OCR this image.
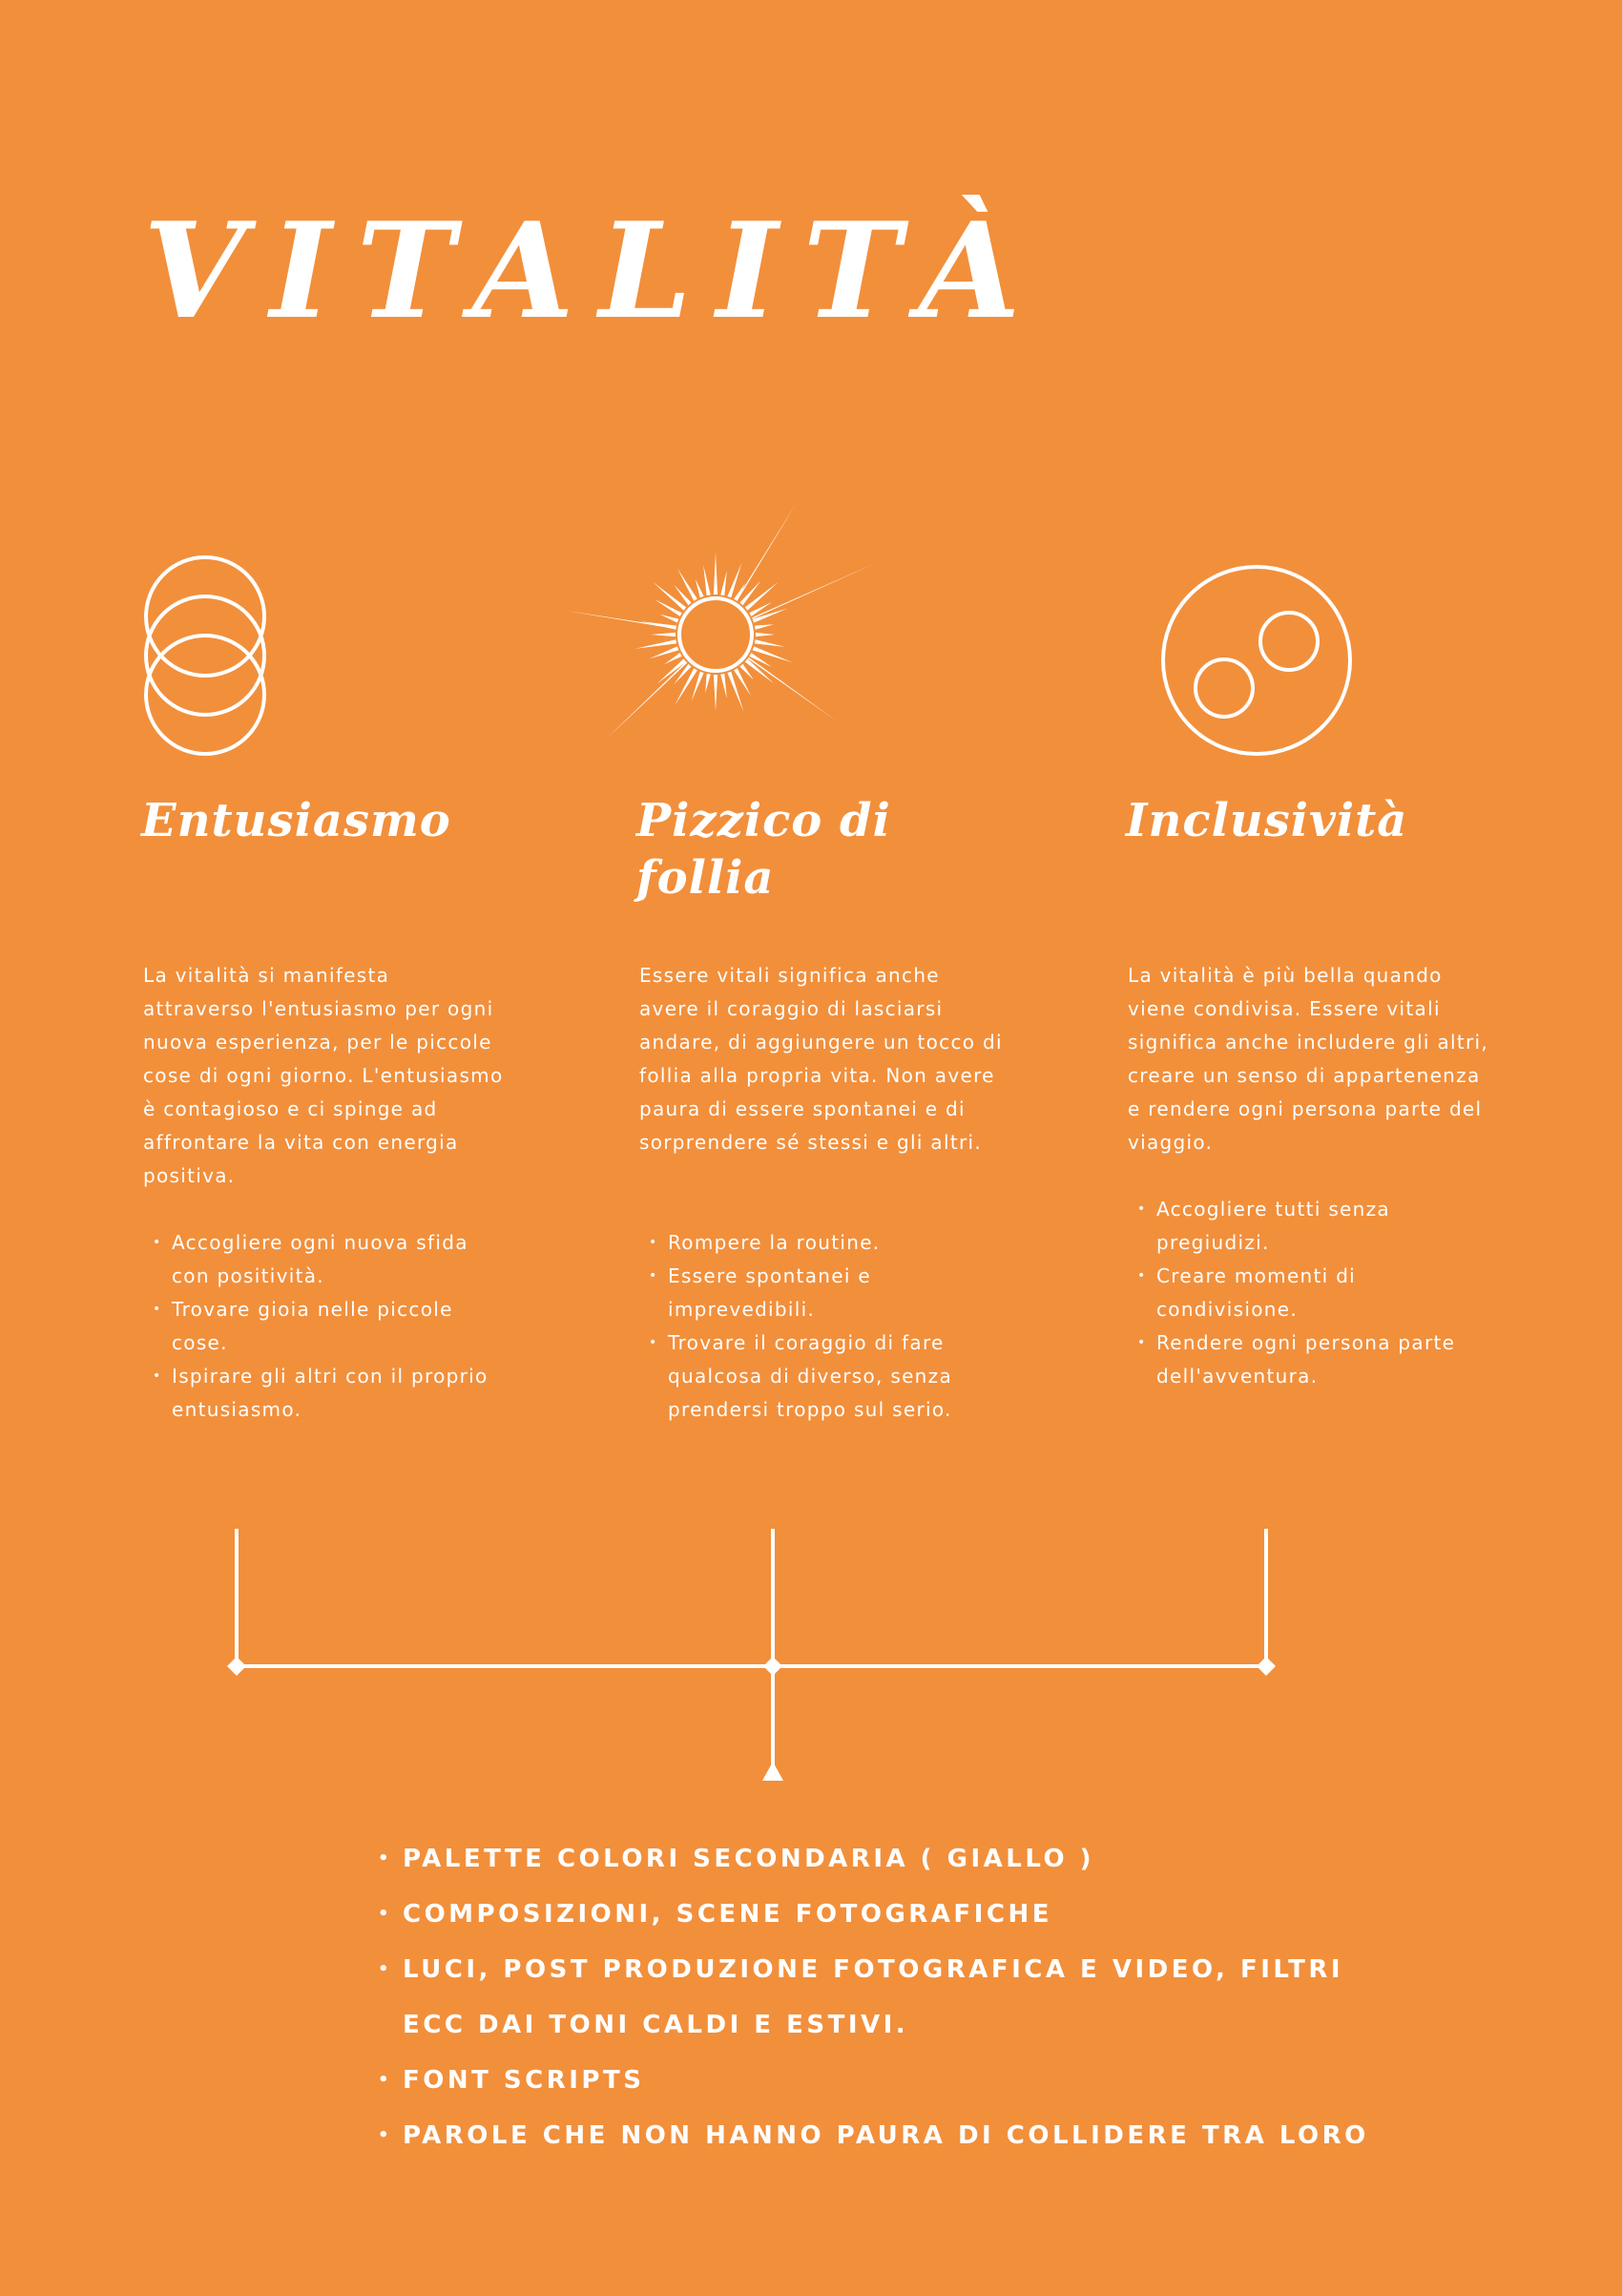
VITALITÀ
Entusiasmo

La vitalità si manifesta attraverso l'entusiasmo per ogni nuova esperienza, per le piccole cose di ogni giorno. L'entusiasmo è contagioso e ci spinge ad affrontare la vita con energia positiva.

• Accogliere ogni nuova sfida con positività.
• Trovare gioia nelle piccole cose.
• Ispirare gli altri con il proprio entusiasmo.
Pizzico di follia

Essere vitali significa anche avere il coraggio di lasciarsi andare, di aggiungere un tocco di follia alla propria vita. Non avere paura di essere spontanei e di sorprendere sé stessi e gli altri.

• Rompere la routine.
• Essere spontanei e imprevedibili.
• Trovare il coraggio di fare qualcosa di diverso, senza prendersi troppo sul serio.
Inclusività

La vitalità è più bella quando viene condivisa. Essere vitali significa anche includere gli altri, creare un senso di appartenenza e rendere ogni persona parte del viaggio.

• Accogliere tutti senza pregiudizi.
• Creare momenti di condivisione.
• Rendere ogni persona parte dell'avventura.
• PALETTE COLORI SECONDARIA ( GIALLO )
• COMPOSIZIONI, SCENE FOTOGRAFICHE
• LUCI, POST PRODUZIONE FOTOGRAFICA E VIDEO, FILTRI ECC DAI TONI CALDI E ESTIVI.
• FONT SCRIPTS
• PAROLE CHE NON HANNO PAURA DI COLLIDERE TRA LORO
